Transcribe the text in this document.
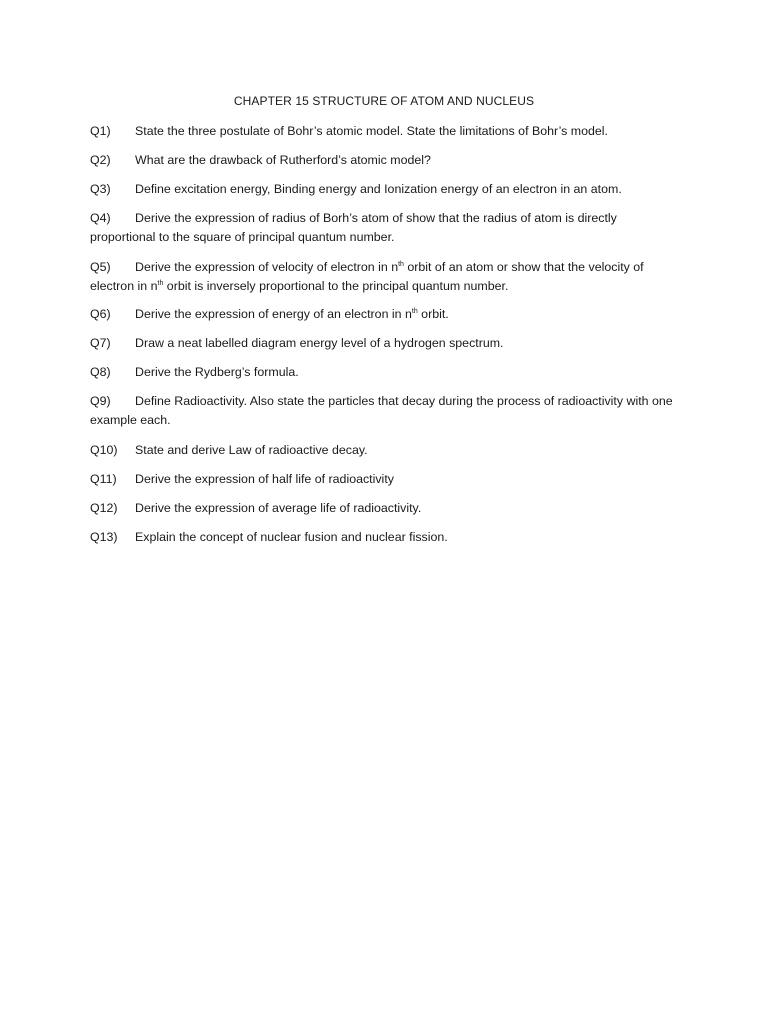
CHAPTER 15 STRUCTURE OF ATOM AND NUCLEUS
Q1) State the three postulate of Bohr’s atomic model. State the limitations of Bohr’s model.
Q2) What are the drawback of Rutherford’s atomic model?
Q3) Define excitation energy, Binding energy and Ionization energy of an electron in an atom.
Q4) Derive the expression of radius of Borh’s atom of show that the radius of atom is directly proportional to the square of principal quantum number.
Q5) Derive the expression of velocity of electron in $n^{th}$ orbit of an atom or show that the velocity of electron in $n^{th}$ orbit is inversely proportional to the principal quantum number.
Q6) Derive the expression of energy of an electron in $n^{th}$ orbit.
Q7) Draw a neat labelled diagram energy level of a hydrogen spectrum.
Q8) Derive the Rydberg’s formula.
Q9) Define Radioactivity. Also state the particles that decay during the process of radioactivity with one example each.
Q10) State and derive Law of radioactive decay.
Q11) Derive the expression of half life of radioactivity
Q12) Derive the expression of average life of radioactivity.
Q13) Explain the concept of nuclear fusion and nuclear fission.
